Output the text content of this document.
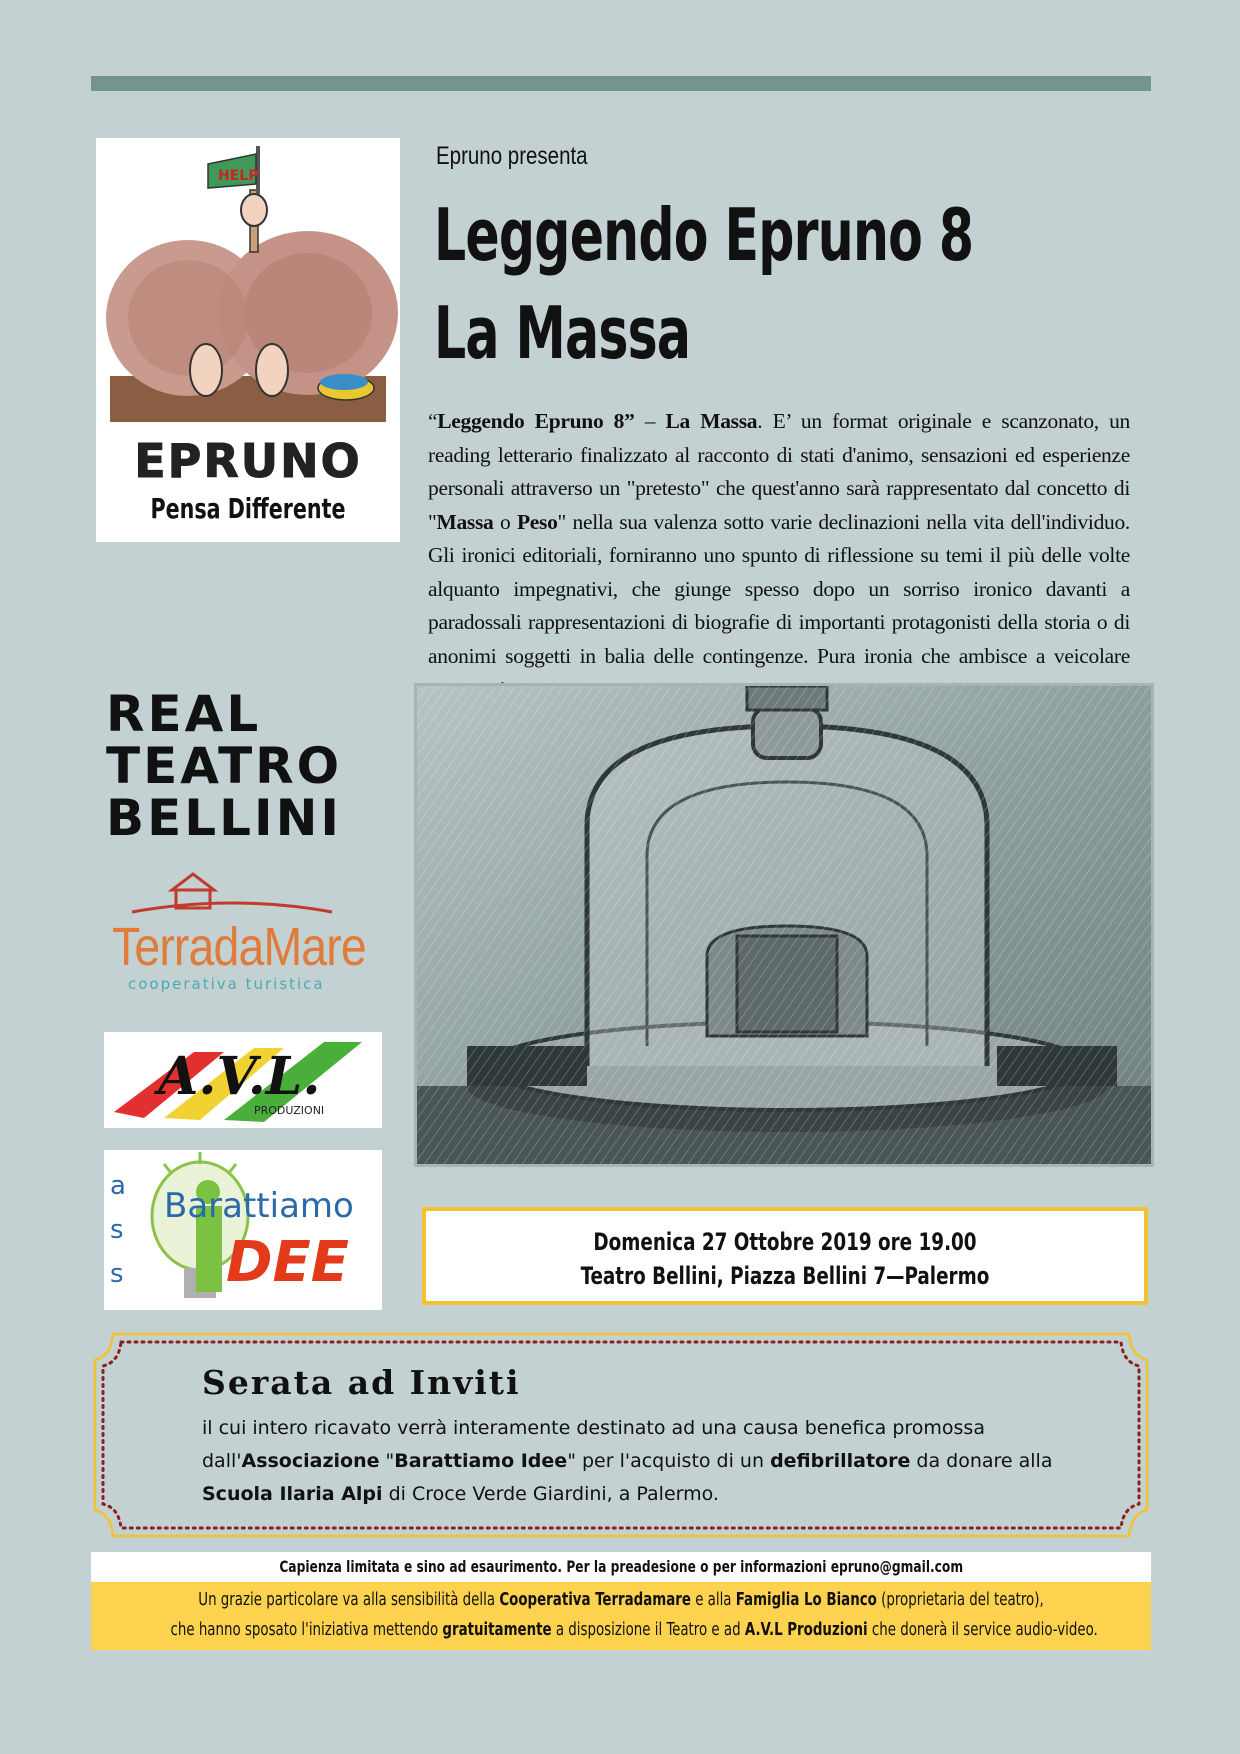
HELP
EPRUNO
Pensa Differente
Epruno presenta
Leggendo Epruno 8
La Massa
“Leggendo Epruno 8” – La Massa. E’ un format originale e scanzonato, un reading letterario finalizzato al racconto di stati d'animo, sensazioni ed esperienze personali attraverso un "pretesto" che quest'anno sarà rappresentato dal concetto di "Massa o Peso" nella sua valenza sotto varie declinazioni nella vita dell'individuo. Gli ironici editoriali, forniranno uno spunto di riflessione su temi il più delle volte alquanto impegnativi, che giunge spesso dopo un sorriso ironico davanti a paradossali rappresentazioni di biografie di importanti protagonisti della storia o di anonimi soggetti in balia delle contingenze. Pura ironia che ambisce a veicolare
REAL
TEATRO
BELLINI
TerradaMare
cooperativa turistica
A.V.L.
PRODUZIONI
a
s
s
Barattiamo
DEE	Domenica 27 Ottobre 2019 ore 19.00
Teatro Bellini, Piazza Bellini 7—Palermo
Serata ad Inviti
il cui intero ricavato verrà interamente destinato ad una causa benefica promossa dall'Associazione "Barattiamo Idee" per l'acquisto di un defibrillatore da donare alla Scuola Ilaria Alpi di Croce Verde Giardini, a Palermo.
Capienza limitata e sino ad esaurimento. Per la preadesione o per informazioni epruno@gmail.com
Un grazie particolare va alla sensibilità della Cooperativa Terradamare e alla Famiglia Lo Bianco (proprietaria del teatro),
che hanno sposato l'iniziativa mettendo gratuitamente a disposizione il Teatro e ad A.V.L Produzioni che donerà il service audio-video.
